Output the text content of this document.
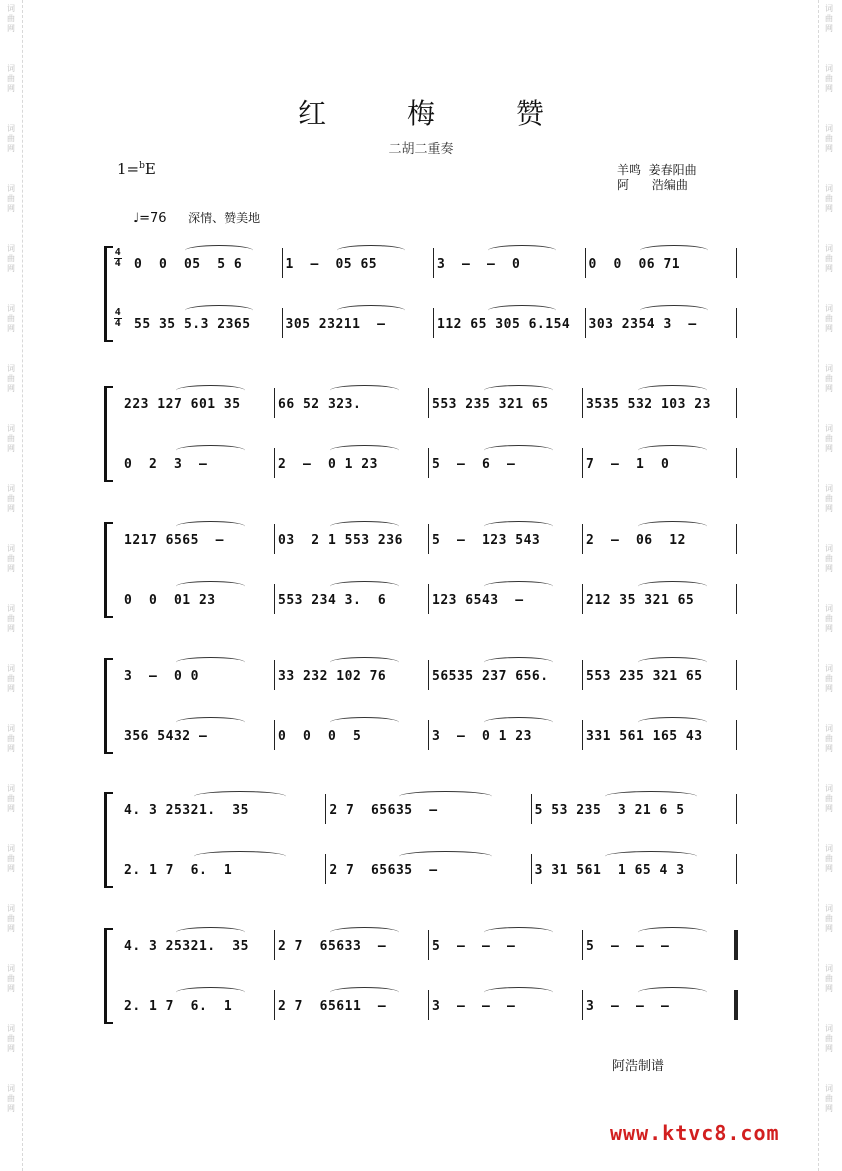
词
曲
网
词
曲
网
词
曲
网
词
曲
网
词
曲
网
词
曲
网
词
曲
网
词
曲
网
词
曲
网
词
曲
网
词
曲
网
词
曲
网
词
曲
网
词
曲
网
词
曲
网
词
曲
网
词
曲
网
词
曲
网
词
曲
网
词
曲
网
词
曲
网
词
曲
网
词
曲
网
词
曲
网
词
曲
网
词
曲
网
词
曲
网
词
曲
网
词
曲
网
词
曲
网
词
曲
网
词
曲
网
词
曲
网
词
曲
网
词
曲
网
词
曲
网
词
曲
网
词
曲
网
红 梅 赞
二胡二重奏
1=$^b$E	羊鸣  姜春阳曲
阿      浩编曲
♩=76 深情、赞美地
4
4 0  0  05  5 6	1  –  05 65	3  –  –  0	0  0  06 71
4
4 55 35 5.3 2365	305 23211  –	112 65 305 6.154	303 2354 3  –
223 127 601 35	66 52 323.	553 235 321 65	3535 532 103 23
0  2  3  –	2  –  0 1 23	5  –  6  –	7  –  1  0
1217 6565  –	03  2 1 553 236	5  –  123 543	2  –  06  12
0  0  01 23	553 234 3.  6	123 6543  –	212 35 321 65
3  –  0 0	33 232 102 76	56535 237 656.	553 235 321 65
356 5432 –	0  0  0  5	3  –  0 1 23	331 561 165 43
4. 3 25321.  35	2 7  65635  –	5 53 235  3 21 6 5
2. 1 7  6.  1	2 7  65635  –	3 31 561  1 65 4 3
4. 3 25321.  35	2 7  65633  –	5  –  –  –	5  –  –  –
2. 1 7  6.  1	2 7  65611  –	3  –  –  –	3  –  –  –
阿浩制谱
www.ktvc8.com
